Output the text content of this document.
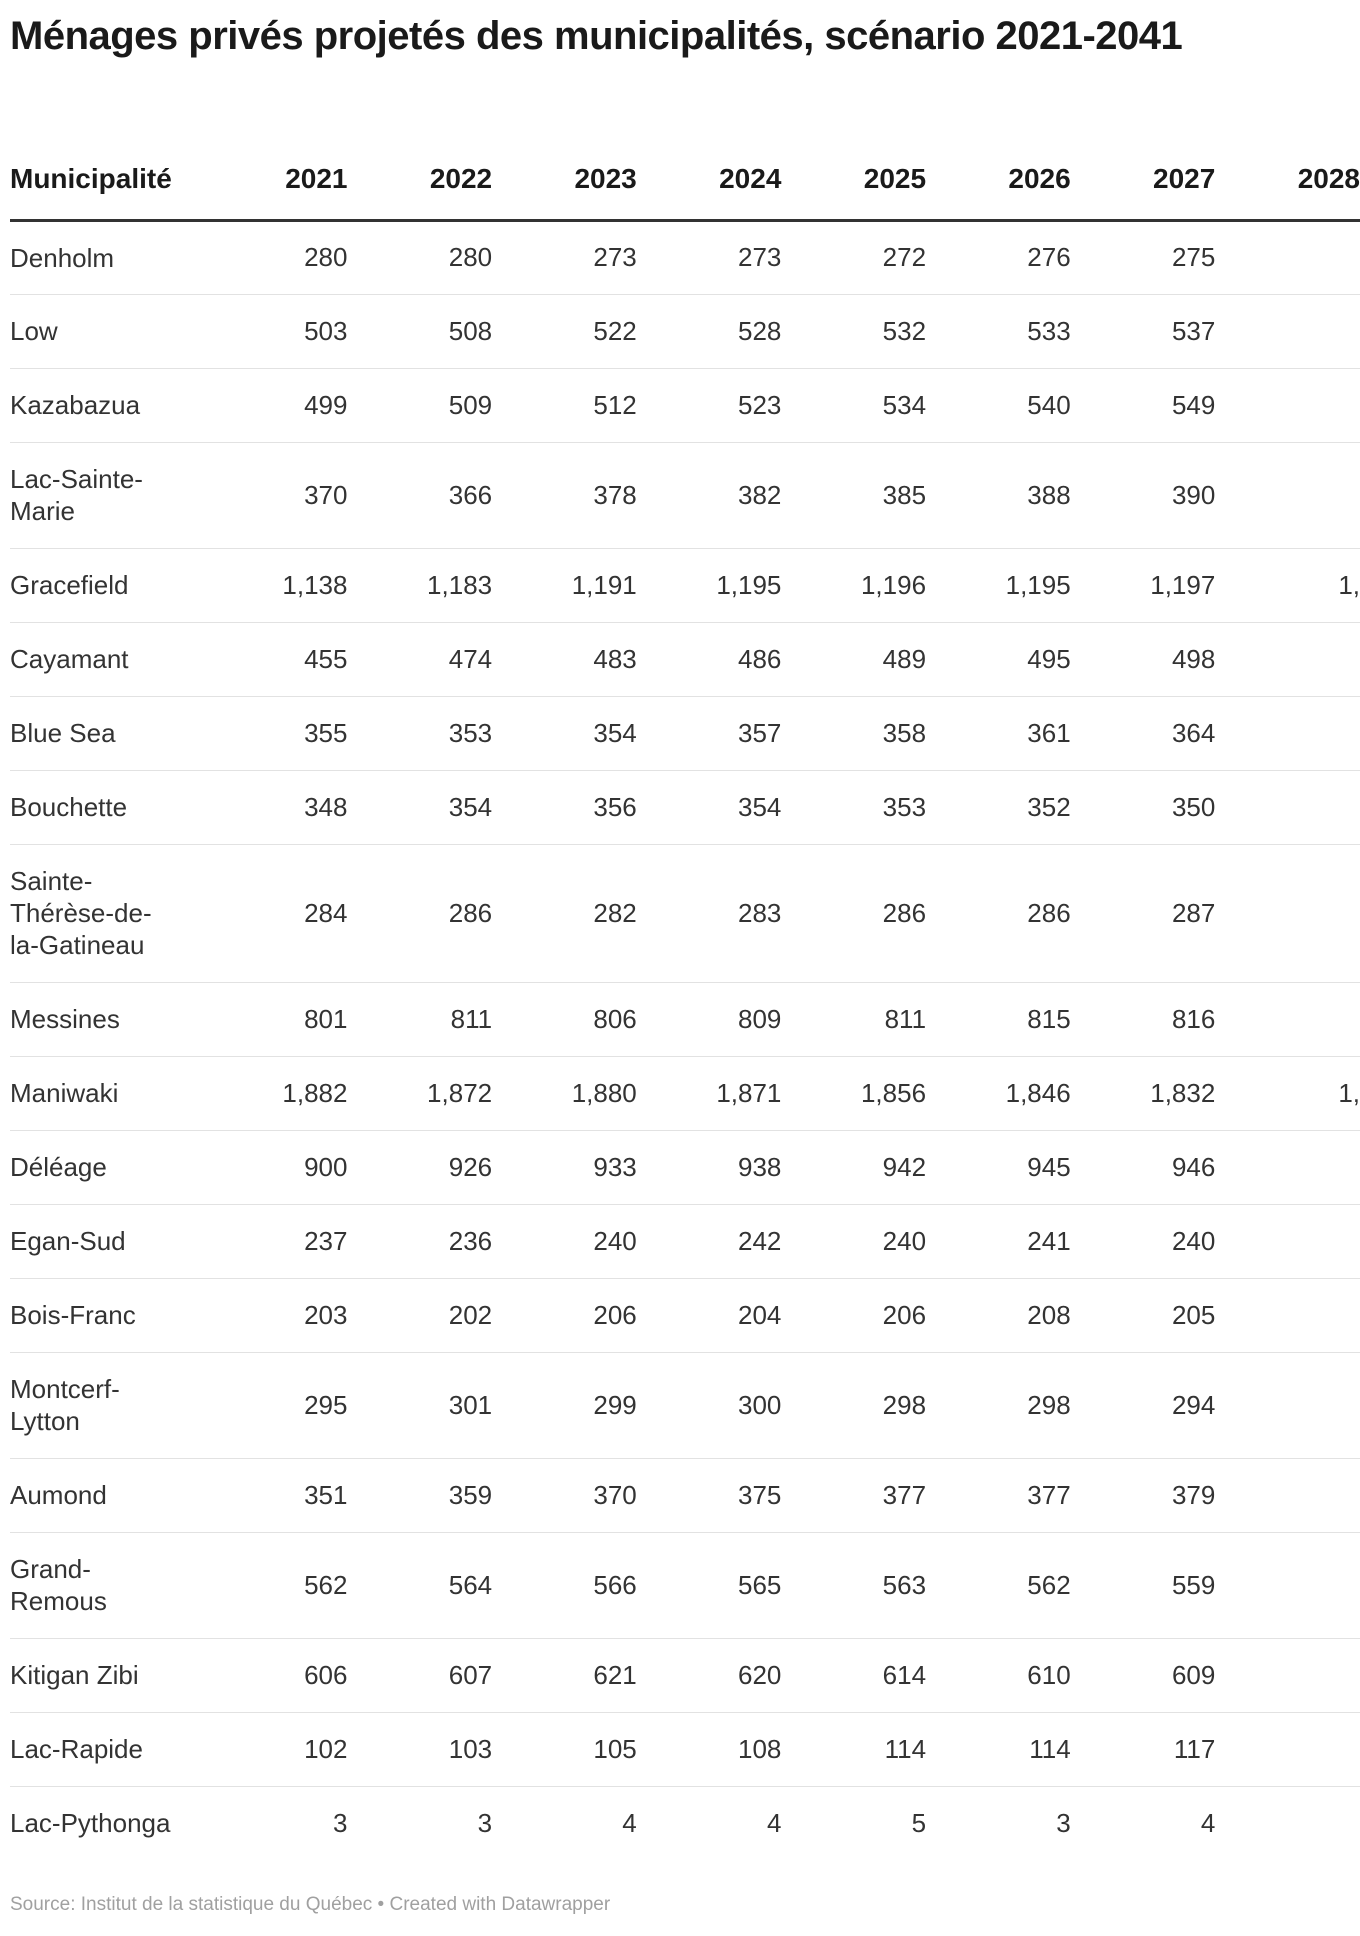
Ménages privés projetés des municipalités, scénario 2021-2041
Municipalité	2021	2022	2023	2024	2025	2026	2027	2028
Denholm	280	280	273	273	272	276	275	
Low	503	508	522	528	532	533	537	
Kazabazua	499	509	512	523	534	540	549	
Lac-Sainte-
Marie	370	366	378	382	385	388	390	
Gracefield	1,138	1,183	1,191	1,195	1,196	1,195	1,197	1,
Cayamant	455	474	483	486	489	495	498	
Blue Sea	355	353	354	357	358	361	364	
Bouchette	348	354	356	354	353	352	350	
Sainte-
Thérèse-de-
la-Gatineau	284	286	282	283	286	286	287	
Messines	801	811	806	809	811	815	816	
Maniwaki	1,882	1,872	1,880	1,871	1,856	1,846	1,832	1,
Déléage	900	926	933	938	942	945	946	
Egan-Sud	237	236	240	242	240	241	240	
Bois-Franc	203	202	206	204	206	208	205	
Montcerf-
Lytton	295	301	299	300	298	298	294	
Aumond	351	359	370	375	377	377	379	
Grand-
Remous	562	564	566	565	563	562	559	
Kitigan Zibi	606	607	621	620	614	610	609	
Lac-Rapide	102	103	105	108	114	114	117	
Lac-Pythonga	3	3	4	4	5	3	4	
Source: Institut de la statistique du Québec • Created with Datawrapper
